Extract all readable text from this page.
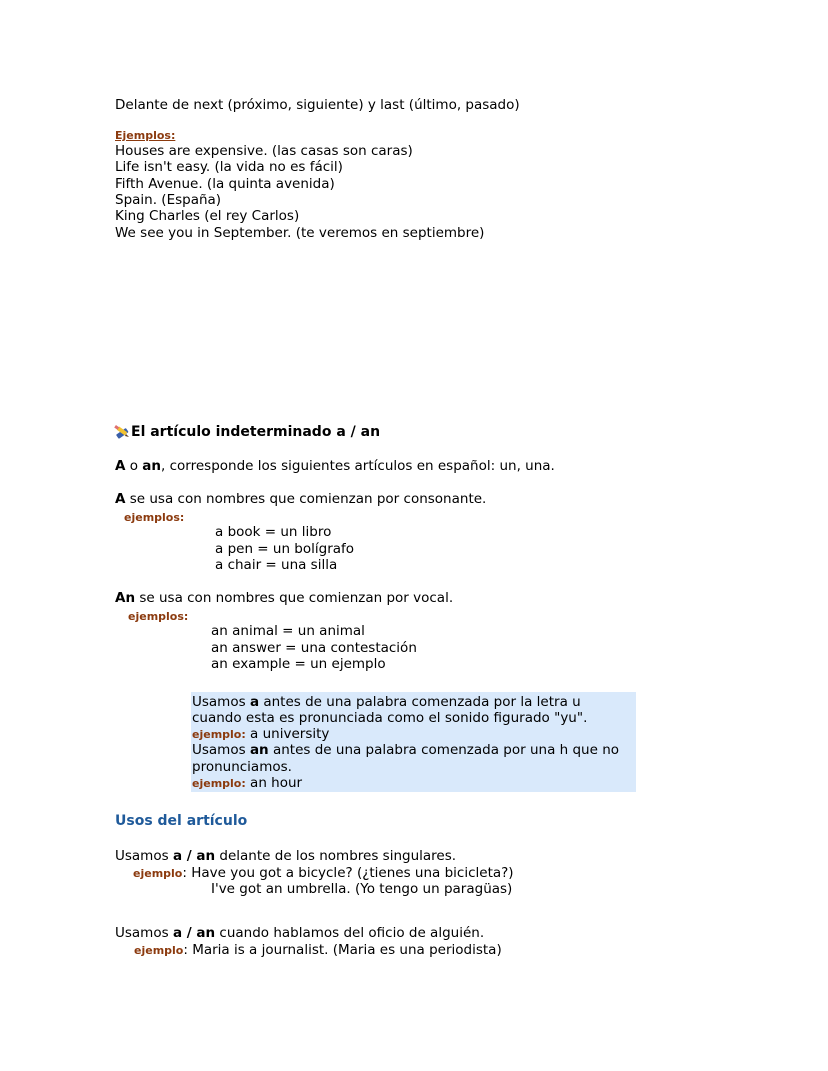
Delante de next (próximo, siguiente) y last (último, pasado)
Ejemplos:
Houses are expensive. (las casas son caras)
Life isn't easy. (la vida no es fácil)
Fifth Avenue. (la quinta avenida)
Spain. (España)
King Charles (el rey Carlos)
We see you in September. (te veremos en septiembre)
El artículo indeterminado a / an
A o an, corresponde los siguientes artículos en español: un, una.
A se usa con nombres que comienzan por consonante.
ejemplos:
a book = un libro
a pen = un bolígrafo
a chair = una silla
An se usa con nombres que comienzan por vocal.
ejemplos:
an animal = un animal
an answer = una contestación
an example = un ejemplo
Usamos a antes de una palabra comenzada por la letra u
cuando esta es pronunciada como el sonido figurado "yu".
ejemplo: a university
Usamos an antes de una palabra comenzada por una h que no
pronunciamos.
ejemplo: an hour
Usos del artículo
Usamos a / an delante de los nombres singulares.
ejemplo: Have you got a bicycle? (¿tienes una bicicleta?)
I've got an umbrella. (Yo tengo un paragüas)
Usamos a / an cuando hablamos del oficio de alguién.
ejemplo: Maria is a journalist. (Maria es una periodista)
